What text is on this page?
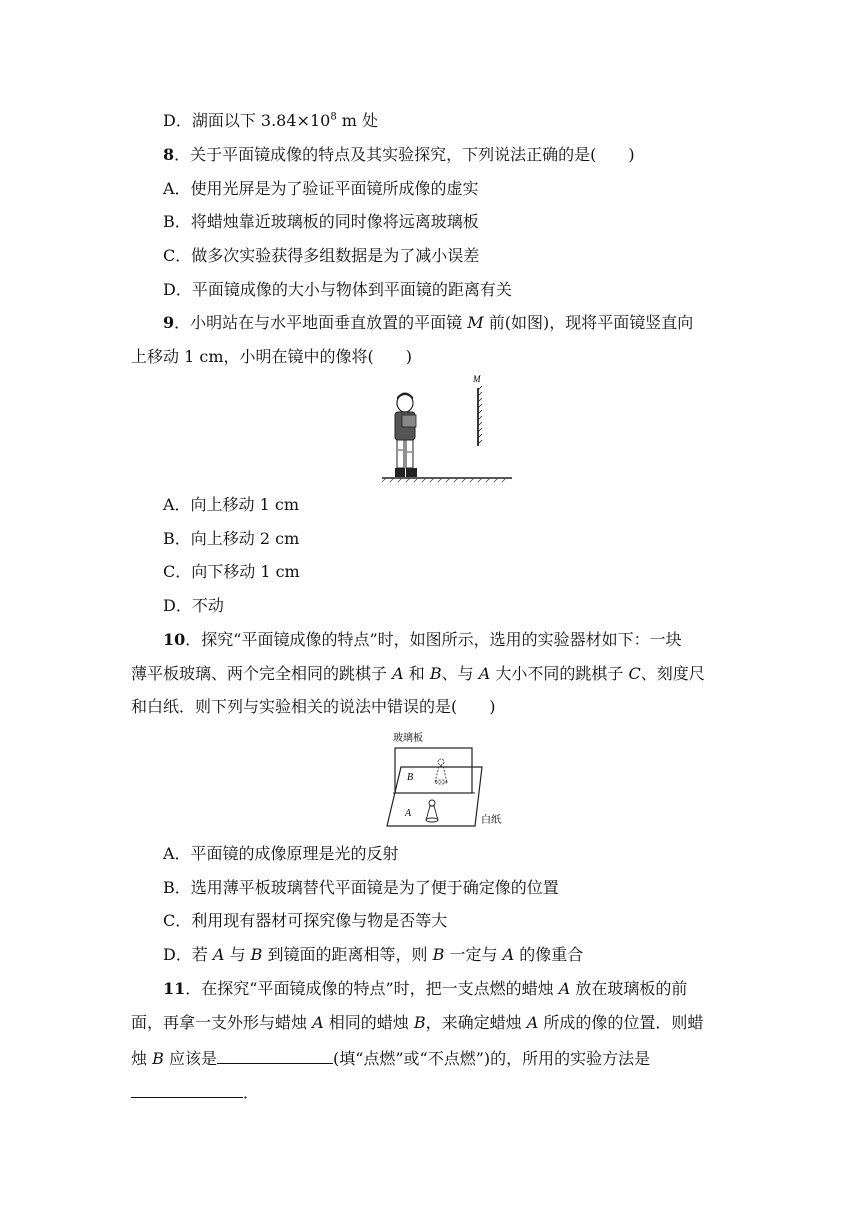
D．湖面以下 $3.84\times 10^8$ m 处
8．关于平面镜成像的特点及其实验探究，下列说法正确的是(　　)
A．使用光屏是为了验证平面镜所成像的虚实
B．将蜡烛靠近玻璃板的同时像将远离玻璃板
C．做多次实验获得多组数据是为了减小误差
D．平面镜成像的大小与物体到平面镜的距离有关
9．小明站在与水平地面垂直放置的平面镜 M 前(如图)，现将平面镜竖直向
上移动 1 cm，小明在镜中的像将(　　)
M
A．向上移动 1 cm
B．向上移动 2 cm
C．向下移动 1 cm
D．不动
10．探究“平面镜成像的特点”时，如图所示，选用的实验器材如下：一块
薄平板玻璃、两个完全相同的跳棋子 A 和 B、与 A 大小不同的跳棋子 C、刻度尺
和白纸．则下列与实验相关的说法中错误的是(　　)
玻璃板
B
A
白纸
A．平面镜的成像原理是光的反射
B．选用薄平板玻璃替代平面镜是为了便于确定像的位置
C．利用现有器材可探究像与物是否等大
D．若 A 与 B 到镜面的距离相等，则 B 一定与 A 的像重合
11．在探究“平面镜成像的特点”时，把一支点燃的蜡烛 A 放在玻璃板的前
面，再拿一支外形与蜡烛 A 相同的蜡烛 B，来确定蜡烛 A 所成的像的位置．则蜡
烛 B 应该是	(填“点燃”或“不点燃”)的，所用的实验方法是
．
